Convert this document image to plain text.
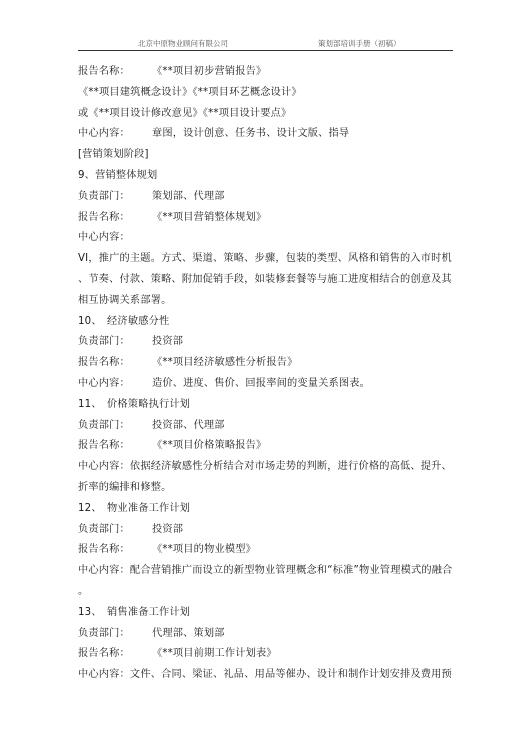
北京中原物业顾问有限公司	策划部培训手册（初稿）
报告名称： 《**项目初步营销报告》
《**项目建筑概念设计》《**项目环艺概念设计》
或《**项目设计修改意见》《**项目设计要点》
中心内容： 章图，设计创意、任务书、设计文版、指导
[营销策划阶段]
9、营销整体规划
负责部门： 策划部、代理部
报告名称： 《**项目营销整体规划》
中心内容：
VI，推广的主题。方式、渠道、策略、步骤，包装的类型、风格和销售的入市时机
、节奏、付款、策略、附加促销手段，如装修套餐等与施工进度相结合的创意及其
相互协调关系部署。
10、　经济敏感分性
负责部门： 投资部
报告名称： 《**项目经济敏感性分析报告》
中心内容： 造价、进度、售价、回报率间的变量关系图表。
11、　价格策略执行计划
负责部门： 投资部、代理部
报告名称： 《**项目价格策略报告》
中心内容：依据经济敏感性分析结合对市场走势的判断，进行价格的高低、提升、
折率的编排和修整。
12、　物业准备工作计划
负责部门： 投资部
报告名称： 《**项目的物业模型》
中心内容：配合营销推广而设立的新型物业管理概念和“标准”物业管理模式的融合
。
13、　销售准备工作计划
负责部门： 代理部、策划部
报告名称： 《**项目前期工作计划表》
中心内容：文件、合同、梁证、礼品、用品等催办、设计和制作计划安排及费用预
